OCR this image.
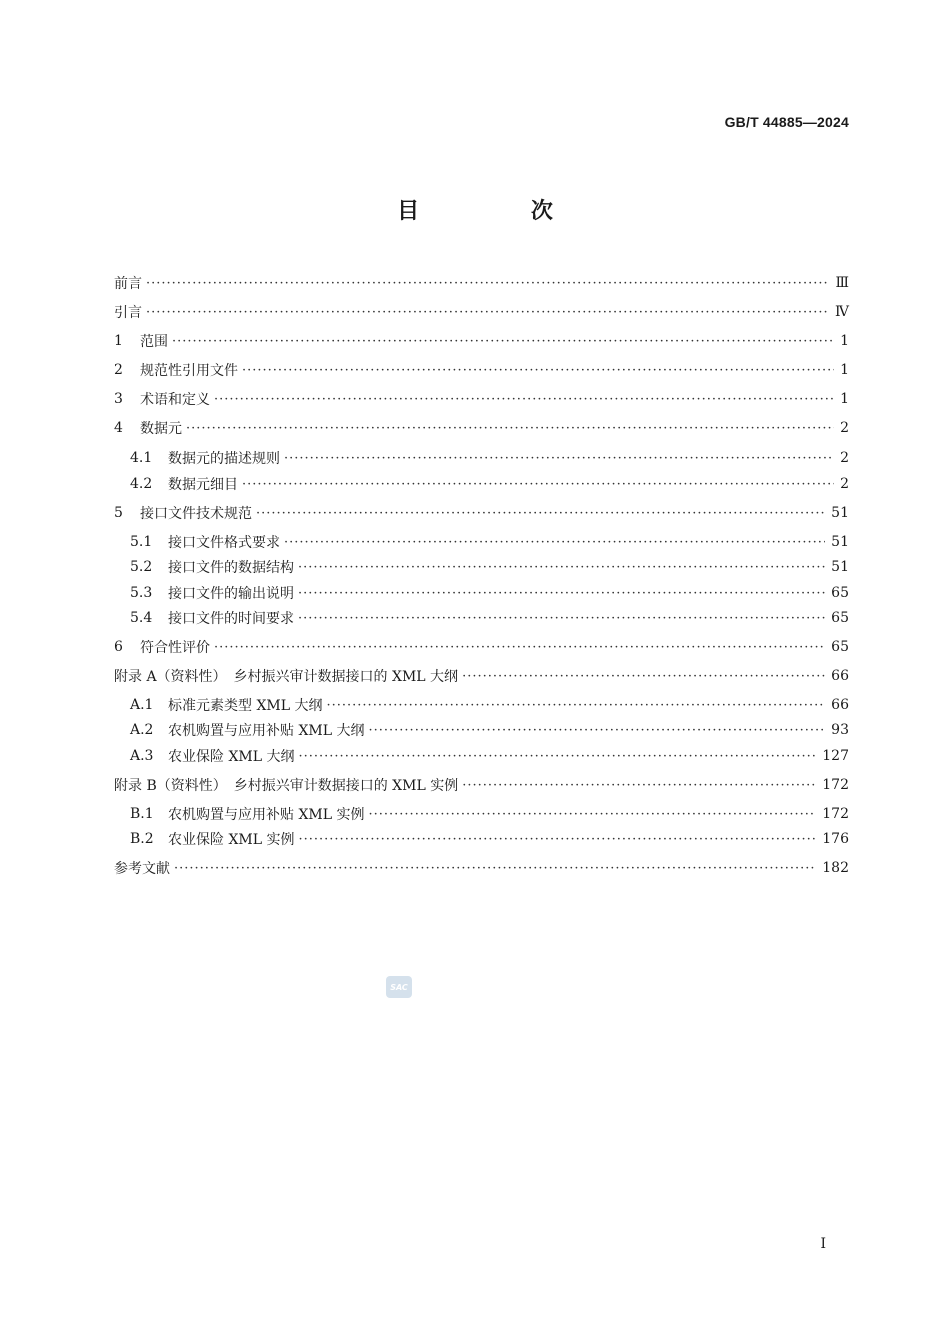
GB/T 44885—2024
目 次
前言 ·····	Ⅲ
引言 ·····	Ⅳ
1	范围 ·····	1
2	规范性引用文件 ·····	1
3	术语和定义 ·····	1
4	数据元 ·····	2
4.1	数据元的描述规则 ·····	2
4.2	数据元细目 ·····	2
5	接口文件技术规范 ·····	51
5.1	接口文件格式要求 ·····	51
5.2	接口文件的数据结构 ·····	51
5.3	接口文件的输出说明 ·····	65
5.4	接口文件的时间要求 ·····	65
6	符合性评价 ·····	65
附录 A（资料性）　乡村振兴审计数据接口的 XML 大纲 ·····	66
A.1	标准元素类型 XML 大纲 ·····	66
A.2	农机购置与应用补贴 XML 大纲 ·····	93
A.3	农业保险 XML 大纲 ·····	127
附录 B（资料性）　乡村振兴审计数据接口的 XML 实例 ·····	172
B.1	农机购置与应用补贴 XML 实例 ·····	172
B.2	农业保险 XML 实例 ·····	176
参考文献 ·····	182
SAC
I
